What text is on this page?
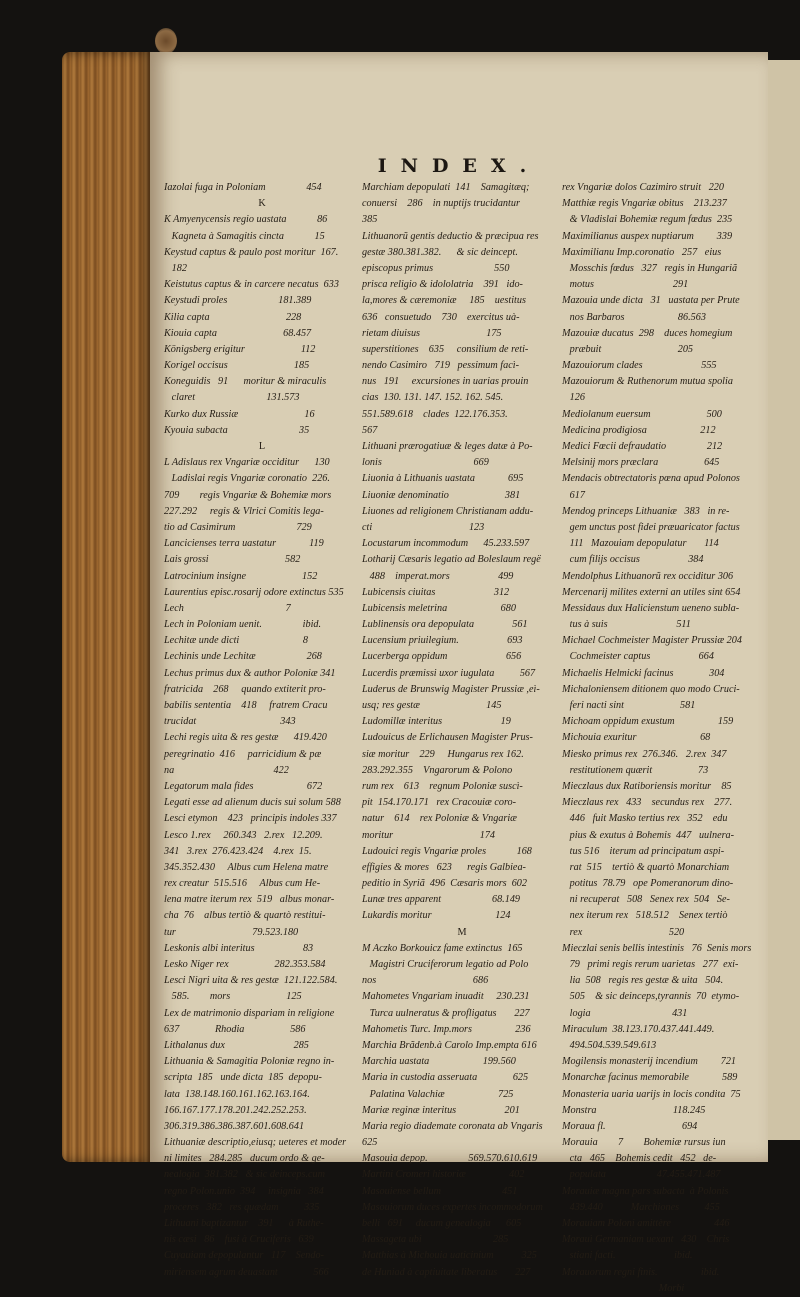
INDEX.
Iazolai fuga in Poloniam                454
K
K Amyenycensis regio uastata            86
Kagneta à Samagitis cincta            15
Keystud captus & paulo post moritur  167.
182
Keistutus captus & in carcere necatus  633
Keystudi proles                    181.389
Kilia capta                              228
Kiouia capta                          68.457
Königsberg erigitur                      112
Korigel occisus                          185
Koneguidis   91      moritur & miraculis
claret                            131.573
Kurko dux Russiæ                          16
Kyouia subacta                            35
L
L Adislaus rex Vngariæ occiditur      130
Ladislai regis Vngariæ coronatio  226.
709        regis Vngariæ & Bohemiæ mors
227.292     regis & Vlrici Comitis lega-
tio ad Casimirum                        729
Lancicienses terra uastatur             119
Lais grossi                              582
Latrocinium insigne                      152
Laurentius episc.rosarij odore extinctus 535
Lech                                        7
Lech in Poloniam uenit.                ibid.
Lechitæ unde dicti                         8
Lechinis unde Lechitæ                    268
Lechus primus dux & author Poloniæ 341
fratricida    268     quando extiterit pro-
babilis sententia    418     fratrem Cracu
trucidat                                 343
Lechi regis uita & res gestæ      419.420
peregrinatio  416     parricidium & pæ
na                                       422
Legatorum mala fides                     672
Legati esse ad alienum ducis sui solum 588
Lesci etymon    423   principis indoles 337
Lesco 1.rex     260.343   2.rex   12.209.
341   3.rex  276.423.424    4.rex  15.
345.352.430     Albus cum Helena matre
rex creatur  515.516     Albus cum He-
lena matre iterum rex  519   albus monar-
cha  76    albus tertiò & quartò restitui-
tur                              79.523.180
Leskonis albi interitus                   83
Lesko Niger rex                  282.353.584
Lesci Nigri uita & res gestæ  121.122.584.
585.        mors                      125
Lex de matrimonio dispariam in religione
637              Rhodia                  586
Lithalanus dux                           285
Lithuania & Samagitia Poloniæ regno in-
scripta  185   unde dicta  185  depopu-
lata  138.148.160.161.162.163.164.
166.167.177.178.201.242.252.253.
306.319.386.386.387.601.608.641
Lithuaniæ descriptio,eiusq; ueteres et moder
ni limites   284.285   ducum ordo & ge-
nealogia  381.382   & sic deinceps.cum
regno Polon.unio  394     insignia   384
proceres   382   res quædam          335
Lithuani baptizantur    391      à Ruthe-
nis cæsi   86    fusi à Cruciferis   639
Cuyauiam depopulantur   117    Sendo-
miriensem agrum deuastant              566
Marchiam depopulati  141    Samagitæq;
conuersi    286    in nuptijs trucidantur
385
Lithuanorũ gentis deductio & præcipua res
gestæ 380.381.382.      & sic deincept.
episcopus primus                        550
prisca religio & idololatria    391   ido-
la,mores & cæremoniæ     185    uestitus
636   consuetudo    730    exercitus uà-
rietam diuisus                          175
superstitiones    635     consilium de reti-
nendo Casimiro   719   pessimum facì-
nus   191     excursiones in uarias prouin
cias  130. 131. 147. 152. 162. 545.
551.589.618    clades  122.176.353.
567
Lithuani prærogatiuæ & leges datæ à Po-
lonis                                    669
Liuonia à Lithuanis uastata             695
Liuoniæ denominatio                      381
Liuones ad religionem Christianam addu-
cti                                      123
Locustarum incommodum      45.233.597
Lotharij Cæsaris legatio ad Boleslaum regë
488    imperat.mors                   499
Lubicensis ciuitas                       312
Lubicensis meletrina                     680
Lublinensis ora depopulata               561
Lucensium priuilegium.                   693
Lucerberga oppidum                       656
Lucerdis præmissi uxor iugulata          567
Luderus de Brunswig Magister Prussiæ ,eì-
usq; res gestæ                          145
Ludomillæ interitus                       19
Ludouicus de Erlichausen Magister Prus-
siæ moritur    229     Hungarus rex 162.
283.292.355    Vngarorum & Polono
rum rex    613    regnum Poloniæ suscì-
pit  154.170.171   rex Cracouiæ coro-
natur    614    rex Poloniæ & Vngariæ
moritur                                  174
Ludouici regis Vngariæ proles            168
effigies & mores   623      regis Galbiea-
peditio in Syriã  496  Cæsaris mors  602
Lunæ tres apparent                    68.149
Lukardis moritur                         124
M
M Aczko Borkouicz fame extinctus  165
Magistri Cruciferorum legatio ad Polo
nos                                      686
Mahometes Vngariam inuadit     230.231
Turca uulneratus & profligatus       227
Mahometis Turc. Imp.mors                 236
Marchia Brãdenb.à Carolo Imp.empta 616
Marchia uastata                     199.560
Maria in custodia asseruata              625
Palatina Valachiæ                     725
Mariæ reginæ interitus                   201
Maria regio diademate coronata ab Vngaris
625
Masouia depop.                569.570.610.619
Martini Cromeri historiæ                 402
Masouiense bellum                        451
Masouiorum duces expertes incommodorum
belli   691     ducum genealogia      605
Massageta ubi                            285
Matthias à Michouia uaticinium           325
de Huniad à captiuitate liberatus       227
rex Vngariæ dolos Cazimiro struit   220
Matthiæ regis Vngariæ obitus    213.237
& Vladislai Bohemiæ regum fœdus  235
Maximilianus auspex nuptiarum         339
Maximilianu Imp.coronatio   257   eius
Mosschis fœdus   327   regis in Hungariã
motus                               291
Mazouia unde dicta   31   uastata per Prute
nos Barbaros                     86.563
Mazouiæ ducatus  298    duces homegium
præbuit                              205
Mazouiorum clades                       555
Mazouiorum & Ruthenorum mutua spolia
126
Mediolanum euersum                      500
Medicina prodigiosa                     212
Medici Fœcii defraudatio                212
Melsinij mors præclara                  645
Mendacis obtrectatoris pœna apud Polonos
617
Mendog princeps Lithuaniæ   383   in re-
gem unctus post fidei præuaricator factus
111   Mazouiam depopulatur       114
cum filijs occisus                   384
Mendolphus Lithuanorũ rex occiditur 306
Mercenarij milites externi an utiles sint 654
Messidaus dux Halicienstum ueneno subla-
tus à suis                           511
Michael Cochmeister Magister Prussiæ 204
Cochmeister captus                   664
Michaelis Helmicki facinus              304
Michaloniensem ditionem quo modo Cruci-
feri nacti sint                      581
Michoam oppidum exustum                 159
Michouia exuritur                         68
Miesko primus rex  276.346.   2.rex  347
restitutionem quærit                  73
Mieczlaus dux Ratiboriensis moritur    85
Mieczlaus rex   433    secundus rex    277.
446   fuit Masko tertius rex   352    edu
pius & exutus à Bohemis  447   uulnera-
tus 516    iterum ad principatum aspi-
rat  515    tertiò & quartò Monarchiam
potitus  78.79   ope Pomeranorum dino-
ni recuperat   508   Senex rex  504   Se-
nex iterum rex   518.512    Senex tertiò
rex                                  520
Mieczlai senis bellis intestinis   76  Senis mors
79   primi regis rerum uarietas   277  exi-
lia  508   regis res gestæ & uita   504.
505    & sic deinceps,tyrannis  70  etymo-
logia                                431
Miraculum  38.123.170.437.441.449.
494.504.539.549.613
Mogilensis monasterij incendium         721
Monarchæ facinus memorabile             589
Monasteria uaria uarijs in locis condita  75
Monstra                              118.245
Moraua fl.                              694
Morauia        7        Bohemiæ rursus iun
cta   465    Bohemis cedit   452   de-
populata                    47.455.471.487
Morauiæ magna pars subacta  à Polonis
439.440           Marchiones          455
Morauiam Poloni amittère                 446
Morauì Germaniam uexant   430    Chris
stiani facti.                       ibid.
Morauorum regni finis.                 ibid.
Morbi
